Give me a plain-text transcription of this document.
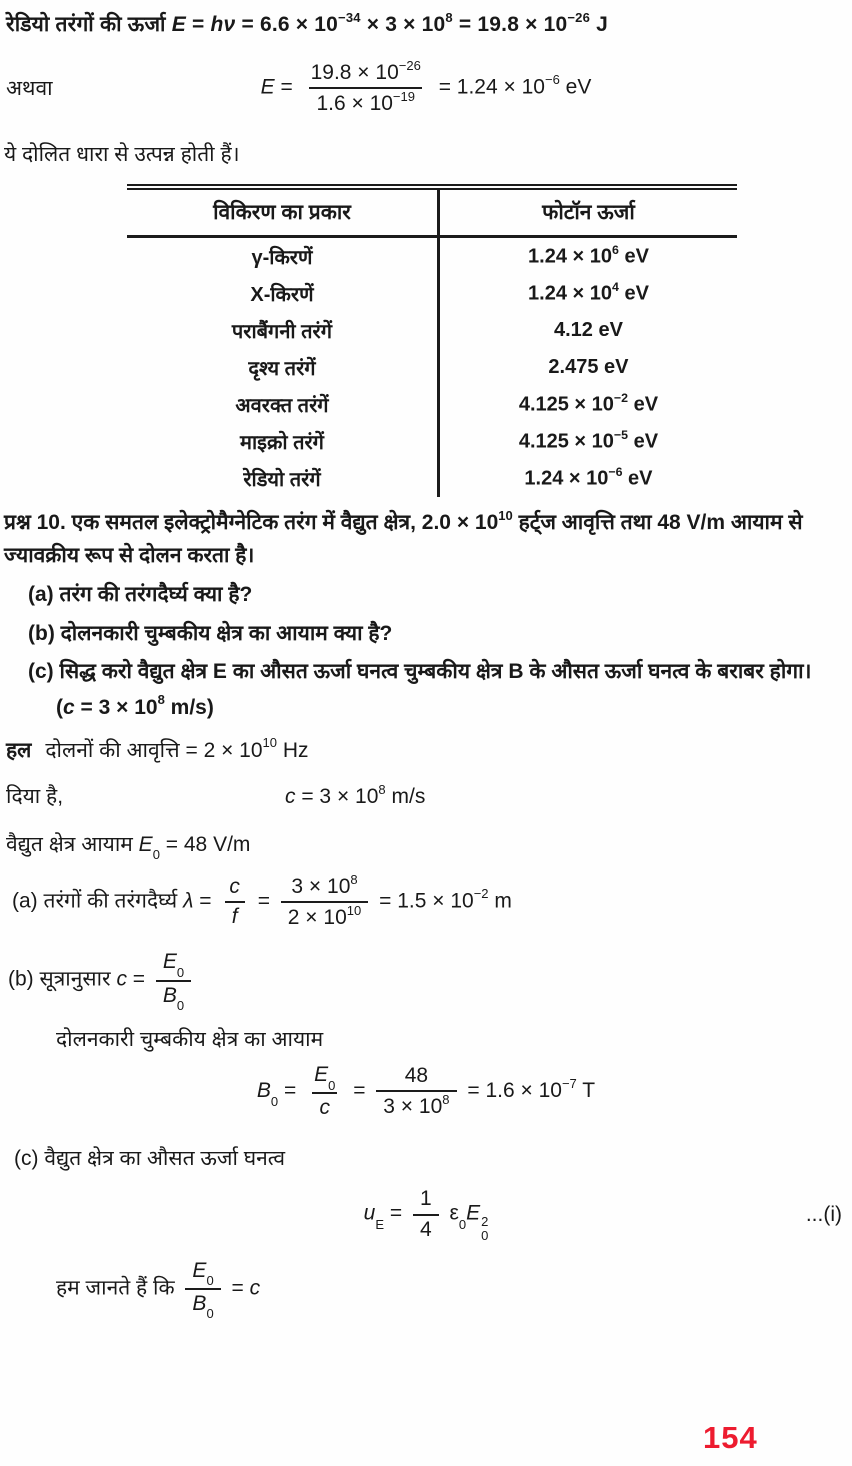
रेडियो तरंगों की ऊर्जा $E = h\nu = 6.6 \times 10^{-34} \times 3 \times 10^8 = 19.8 \times 10^{-26}$ J

अथवा	$E = \frac{19.8 \times 10^{-26}}{1.6 \times 10^{-19}} = 1.24 \times 10^{-6}$ eV

ये दोलित धारा से उत्पन्न होती हैं।

विकिरण का प्रकार	फोटॉन ऊर्जा
γ-किरणें	$1.24 \times 10^6$ eV
X-किरणें	$1.24 \times 10^4$ eV
पराबैंगनी तरंगें	4.12 eV
दृश्य तरंगें	2.475 eV
अवरक्त तरंगें	$4.125 \times 10^{-2}$ eV
माइक्रो तरंगें	$4.125 \times 10^{-5}$ eV
रेडियो तरंगें	$1.24 \times 10^{-6}$ eV

प्रश्न 10. एक समतल इलेक्ट्रोमैग्नेटिक तरंग में वैद्युत क्षेत्र, $2.0 \times 10^{10}$ हर्ट्ज आवृत्ति तथा 48 V/m आयाम से ज्यावक्रीय रूप से दोलन करता है।

(a) तरंग की तरंगदैर्घ्य क्या है?

(b) दोलनकारी चुम्बकीय क्षेत्र का आयाम क्या है?

(c) सिद्ध करो वैद्युत क्षेत्र E का औसत ऊर्जा घनत्व चुम्बकीय क्षेत्र B के औसत ऊर्जा घनत्व के बराबर होगा।

($c = 3 \times 10^8$ m/s)

हल दोलनों की आवृत्ति = $2 \times 10^{10}$ Hz
दिया है,	$c = 3 \times 10^8$ m/s

वैद्युत क्षेत्र आयाम $E_0 = 48$ V/m

(a) तरंगों की तरंगदैर्घ्य $\lambda = \frac{c}{f} = \frac{3 \times 10^8}{2 \times 10^{10}} = 1.5 \times 10^{-2}$ m

(b) सूत्रानुसार $c = \frac{E_0}{B_0}$

दोलनकारी चुम्बकीय क्षेत्र का आयाम

$B_0 = \frac{E_0}{c} = \frac{48}{3 \times 10^8} = 1.6 \times 10^{-7}$ T

(c) वैद्युत क्षेत्र का औसत ऊर्जा घनत्व

$u_E = \frac{1}{4} \varepsilon_0E$ 2
0
...(i)

हम जानते हैं कि $\frac{E_0}{B_0} = c$

154
